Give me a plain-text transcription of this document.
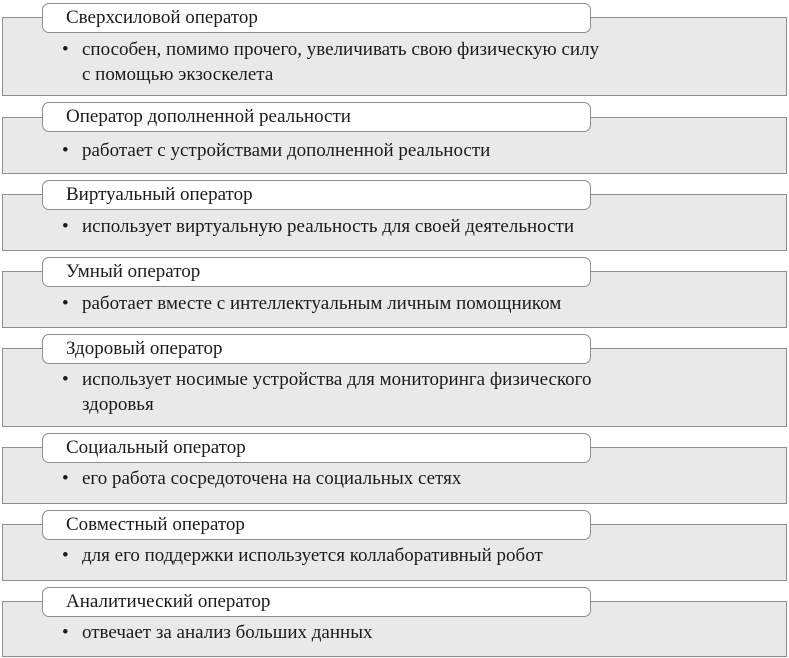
Сверхсиловой оператор
• способен, помимо прочего, увеличивать свою физическую силу
с помощью экзоскелета
Оператор дополненной реальности
• работает с устройствами дополненной реальности
Виртуальный оператор
• использует виртуальную реальность для своей деятельности
Умный оператор
• работает вместе с интеллектуальным личным помощником
Здоровый оператор
• использует носимые устройства для мониторинга физического
здоровья
Социальный оператор
• его работа сосредоточена на социальных сетях
Совместный оператор
• для его поддержки используется коллаборативный робот
Аналитический оператор
• отвечает за анализ больших данных
